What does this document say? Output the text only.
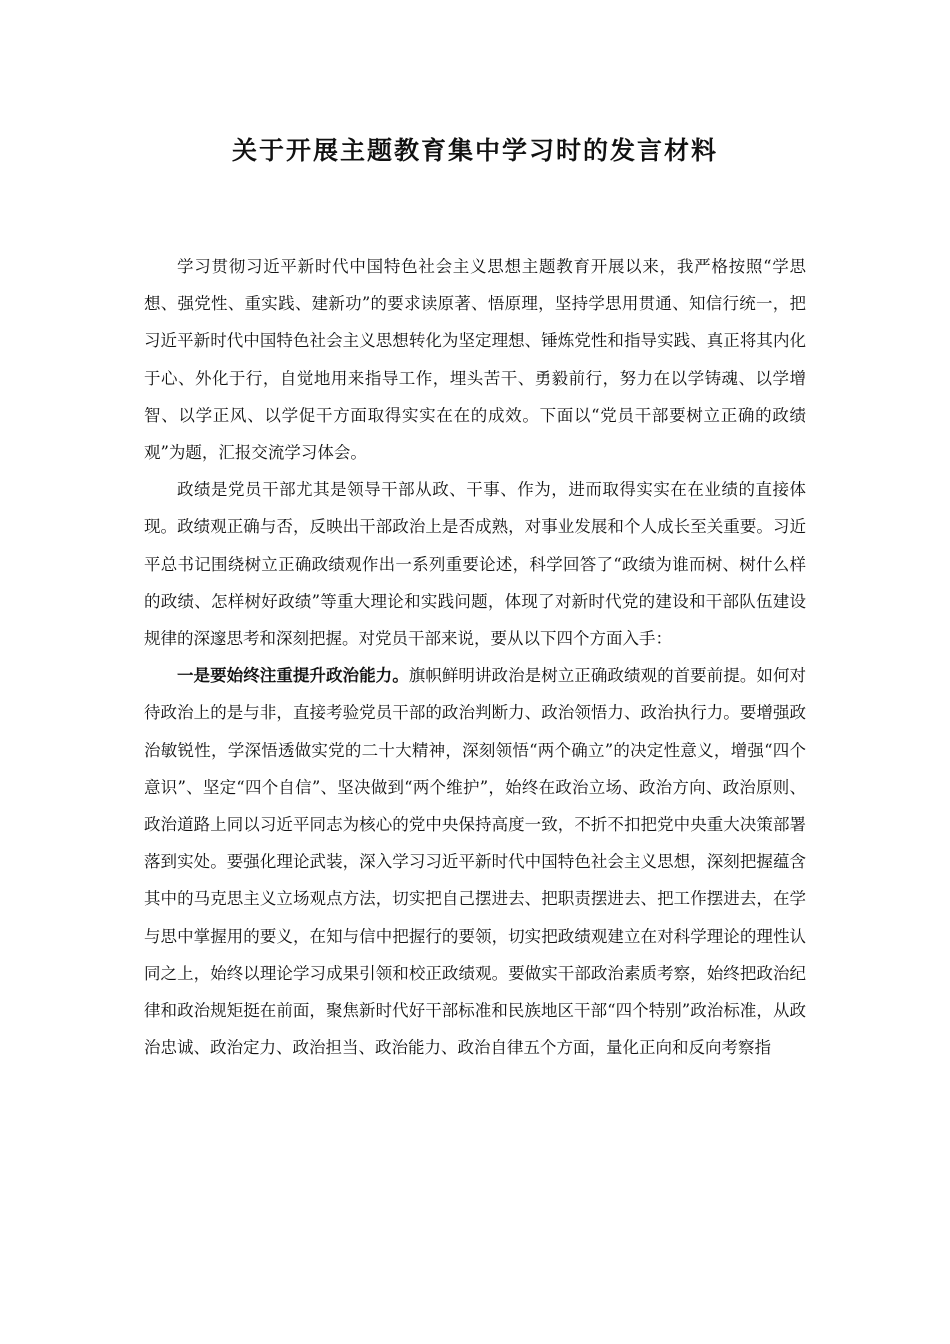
关于开展主题教育集中学习时的发言材料

学习贯彻习近平新时代中国特色社会主义思想主题教育开展以来，我严格按照“学思想、强党性、重实践、建新功”的要求读原著、悟原理，坚持学思用贯通、知信行统一，把习近平新时代中国特色社会主义思想转化为坚定理想、锤炼党性和指导实践、真正将其内化于心、外化于行，自觉地用来指导工作，埋头苦干、勇毅前行，努力在以学铸魂、以学增智、以学正风、以学促干方面取得实实在在的成效。下面以“党员干部要树立正确的政绩观”为题，汇报交流学习体会。

政绩是党员干部尤其是领导干部从政、干事、作为，进而取得实实在在业绩的直接体现。政绩观正确与否，反映出干部政治上是否成熟，对事业发展和个人成长至关重要。习近平总书记围绕树立正确政绩观作出一系列重要论述，科学回答了“政绩为谁而树、树什么样的政绩、怎样树好政绩”等重大理论和实践问题，体现了对新时代党的建设和干部队伍建设规律的深邃思考和深刻把握。对党员干部来说，要从以下四个方面入手：

一是要始终注重提升政治能力。旗帜鲜明讲政治是树立正确政绩观的首要前提。如何对待政治上的是与非，直接考验党员干部的政治判断力、政治领悟力、政治执行力。要增强政治敏锐性，学深悟透做实党的二十大精神，深刻领悟“两个确立”的决定性意义，增强“四个意识”、坚定“四个自信”、坚决做到“两个维护”，始终在政治立场、政治方向、政治原则、政治道路上同以习近平同志为核心的党中央保持高度一致，不折不扣把党中央重大决策部署落到实处。要强化理论武装，深入学习习近平新时代中国特色社会主义思想，深刻把握蕴含其中的马克思主义立场观点方法，切实把自己摆进去、把职责摆进去、把工作摆进去，在学与思中掌握用的要义，在知与信中把握行的要领，切实把政绩观建立在对科学理论的理性认同之上，始终以理论学习成果引领和校正政绩观。要做实干部政治素质考察，始终把政治纪律和政治规矩挺在前面，聚焦新时代好干部标准和民族地区干部“四个特别”政治标准，从政治忠诚、政治定力、政治担当、政治能力、政治自律五个方面，量化正向和反向考察指
